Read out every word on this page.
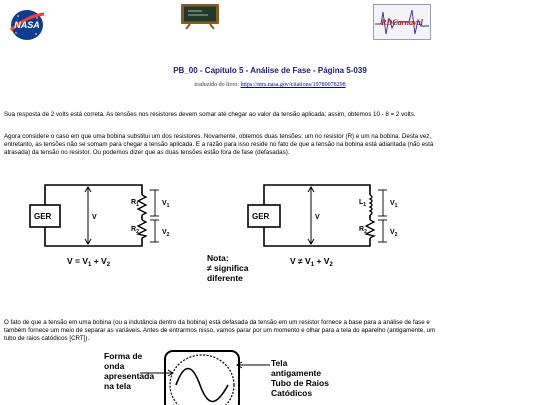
NASA	RDCarnaval
PB_00 - Capítulo 5 - Análise de Fase - Página 5-039
traduzido do livro: https://ntrs.nasa.gov/citations/19780078298
Sua resposta de 2 volts está correta. As tensões nos resistores devem somar até chegar ao valor da tensão aplicada; assim, obtemos 10 - 8 = 2 volts.
Agora considere o caso em que uma bobina substitui um dos resistores. Novamente, obtemos duas tensões; um no resistor (R) e um na bobina. Desta vez, entretanto, as tensões não se somam para chegar a tensão aplicada. E a razão para isso reside no fato de que a tensão na bobina está adiantada (não está atrasada) da tensão no resistor. Ou podemos dizer que as duas tensões estão fora de fase (defasadas).
GER	V
$R_1$
$R_2$
$V_1$
$V_2$
$V = V_1 + V_2$
GER	V
$L_1$
$R_2$
$V_1$
$V_2$
$V \ne V_1 + V_2$
Nota:
≠ significa
diferente
O fato de que a tensão em uma bobina (ou a indutância dentro da bobina) está defasada da tensão em um resistor fornece a base para a análise de fase e também fornece um meio de separar as variáveis. Antes de entrarmos nisso, vamos parar por um momento e olhar para a tela do aparelho (antigamente, um tubo de raios catódicos [CRT]).
Forma de
onda
apresentada
na tela
Tela
antigamente
Tubo de Raios
Catódicos
